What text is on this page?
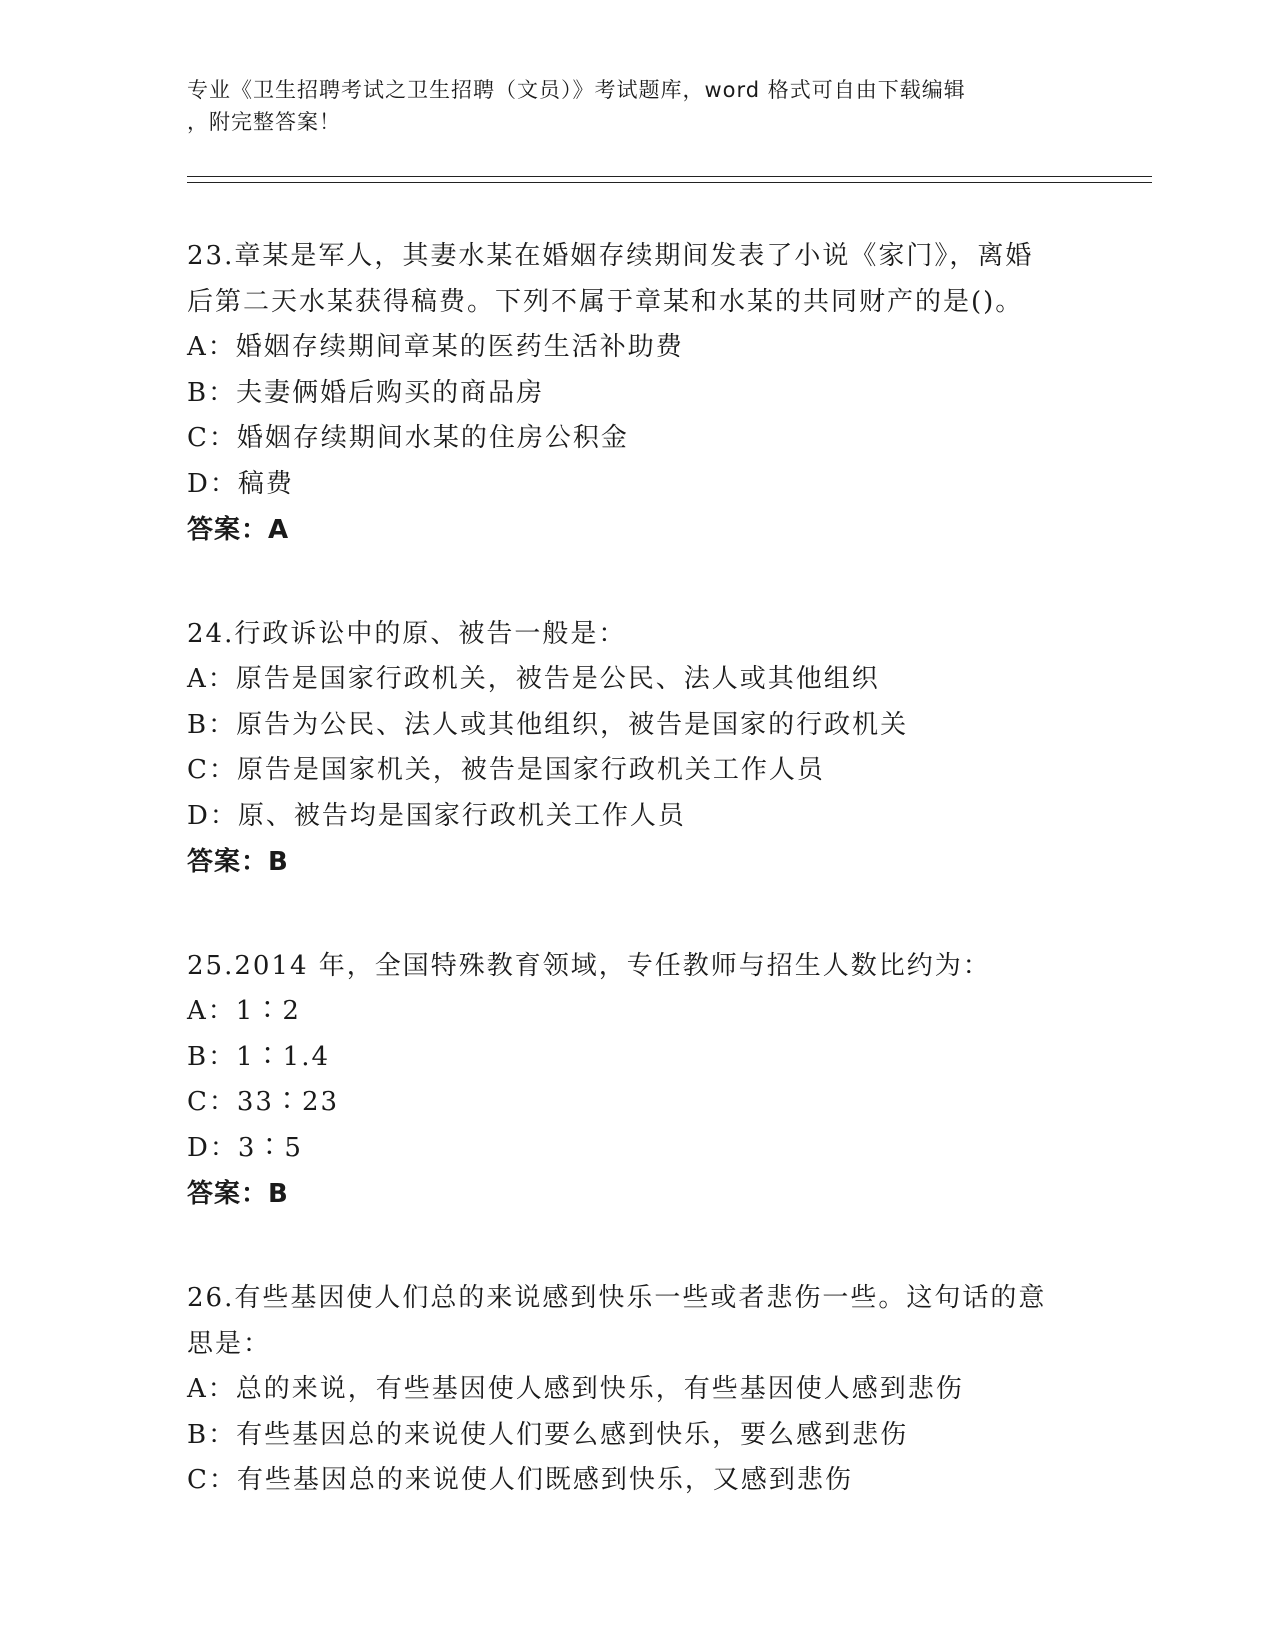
专业《卫生招聘考试之卫生招聘（文员）》考试题库，word 格式可自由下载编辑
，附完整答案！
23.章某是军人，其妻水某在婚姻存续期间发表了小说《家门》，离婚
后第二天水某获得稿费。下列不属于章某和水某的共同财产的是()。
A：婚姻存续期间章某的医药生活补助费
B：夫妻俩婚后购买的商品房
C：婚姻存续期间水某的住房公积金
D：稿费
答案：A
24.行政诉讼中的原、被告一般是：
A：原告是国家行政机关，被告是公民、法人或其他组织
B：原告为公民、法人或其他组织，被告是国家的行政机关
C：原告是国家机关，被告是国家行政机关工作人员
D：原、被告均是国家行政机关工作人员
答案：B
25.2014 年，全国特殊教育领域，专任教师与招生人数比约为：
A：1∶2
B：1∶1.4
C：33∶23
D：3∶5
答案：B
26.有些基因使人们总的来说感到快乐一些或者悲伤一些。这句话的意
思是：
A：总的来说，有些基因使人感到快乐，有些基因使人感到悲伤
B：有些基因总的来说使人们要么感到快乐，要么感到悲伤
C：有些基因总的来说使人们既感到快乐，又感到悲伤
